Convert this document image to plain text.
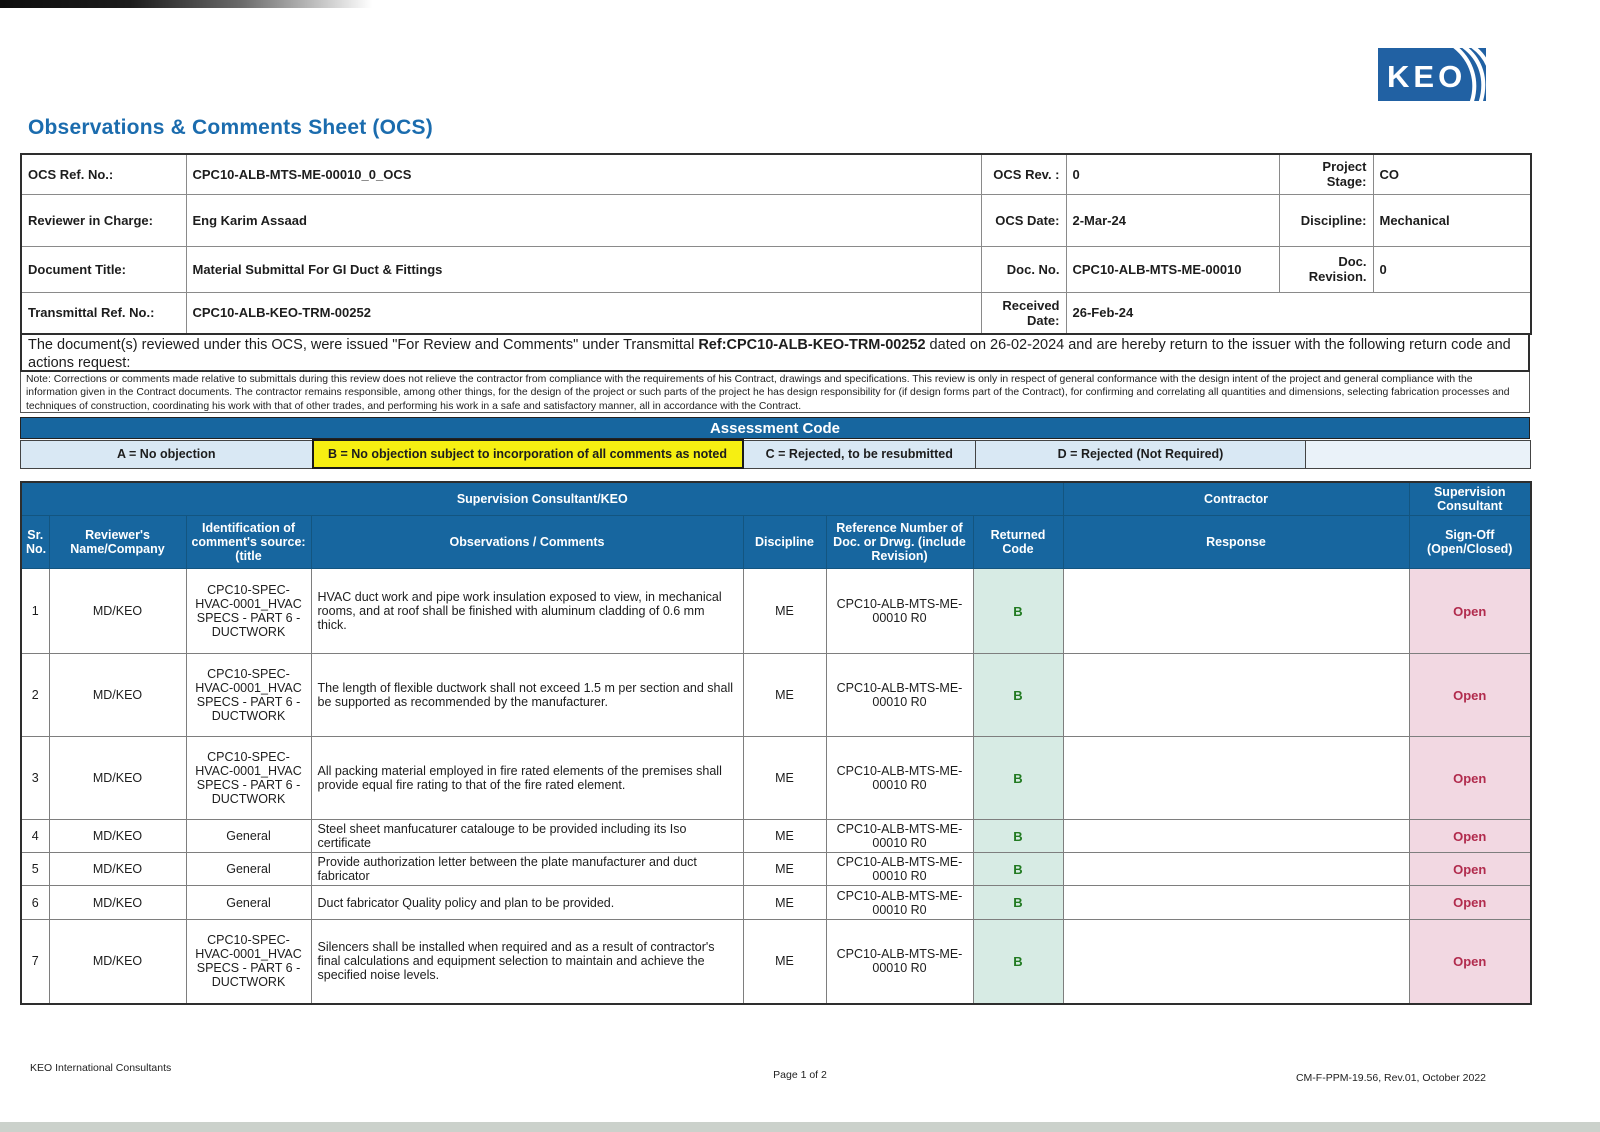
KEO
Observations & Comments Sheet (OCS)
OCS Ref. No.:	CPC10-ALB-MTS-ME-00010_0_OCS	OCS Rev. :	0	Project Stage:	CO
Reviewer in Charge:	Eng Karim Assaad	OCS Date:	2-Mar-24	Discipline:	Mechanical
Document Title:	Material Submittal For GI Duct & Fittings	Doc. No.	CPC10-ALB-MTS-ME-00010	Doc. Revision.	0
Transmittal Ref. No.:	CPC10-ALB-KEO-TRM-00252	Received Date:	26-Feb-24		
The document(s) reviewed under this OCS, were issued "For Review and Comments" under Transmittal Ref:CPC10-ALB-KEO-TRM-00252 dated on 26-02-2024 and are hereby return to the issuer with the following return code and actions request:
Note: Corrections or comments made relative to submittals during this review does not relieve the contractor from compliance with the requirements of his Contract, drawings and specifications. This review is only in respect of general conformance with the design intent of the project and general compliance with the information given in the Contract documents. The contractor remains responsible, among other things, for the design of the project or such parts of the project he has design responsibility for (if design forms part of the Contract), for confirming and correlating all quantities and dimensions, selecting fabrication processes and techniques of construction, coordinating his work with that of other trades, and performing his work in a safe and satisfactory manner, all in accordance with the Contract.
Assessment Code
A = No objection	B = No objection subject to incorporation of all comments as noted	C = Rejected, to be resubmitted	D = Rejected (Not Required)	
Supervision Consultant/KEO							Contractor	Supervision Consultant
Sr. No.	Reviewer's Name/Company	Identification of comment's source: (title	Observations / Comments	Discipline	Reference Number of Doc. or Drwg. (include Revision)	Returned Code	Response	Sign-Off (Open/Closed)
1	MD/KEO	CPC10-SPEC-HVAC-0001_HVAC SPECS - PART 6 - DUCTWORK	HVAC duct work and pipe work insulation exposed to view, in mechanical rooms, and at roof shall be finished with aluminum cladding of 0.6 mm thick.	ME	CPC10-ALB-MTS-ME-00010 R0	B		Open
2	MD/KEO	CPC10-SPEC-HVAC-0001_HVAC SPECS - PART 6 - DUCTWORK	The length of flexible ductwork shall not exceed 1.5 m per section and shall be supported as recommended by the manufacturer.	ME	CPC10-ALB-MTS-ME-00010 R0	B		Open
3	MD/KEO	CPC10-SPEC-HVAC-0001_HVAC SPECS - PART 6 - DUCTWORK	All packing material employed in fire rated elements of the premises shall provide equal fire rating to that of the fire rated element.	ME	CPC10-ALB-MTS-ME-00010 R0	B		Open
4	MD/KEO	General	Steel sheet manfucaturer catalouge to be provided including its Iso certificate	ME	CPC10-ALB-MTS-ME-00010 R0	B		Open
5	MD/KEO	General	Provide authorization letter between the plate manufacturer and duct fabricator	ME	CPC10-ALB-MTS-ME-00010 R0	B		Open
6	MD/KEO	General	Duct fabricator Quality policy and plan to be provided.	ME	CPC10-ALB-MTS-ME-00010 R0	B		Open
7	MD/KEO	CPC10-SPEC-HVAC-0001_HVAC SPECS - PART 6 - DUCTWORK	Silencers shall be installed when required and as a result of contractor's final calculations and equipment selection to maintain and achieve the specified noise levels.	ME	CPC10-ALB-MTS-ME-00010 R0	B		Open
KEO International Consultants
Page 1 of 2	CM-F-PPM-19.56, Rev.01, October 2022
